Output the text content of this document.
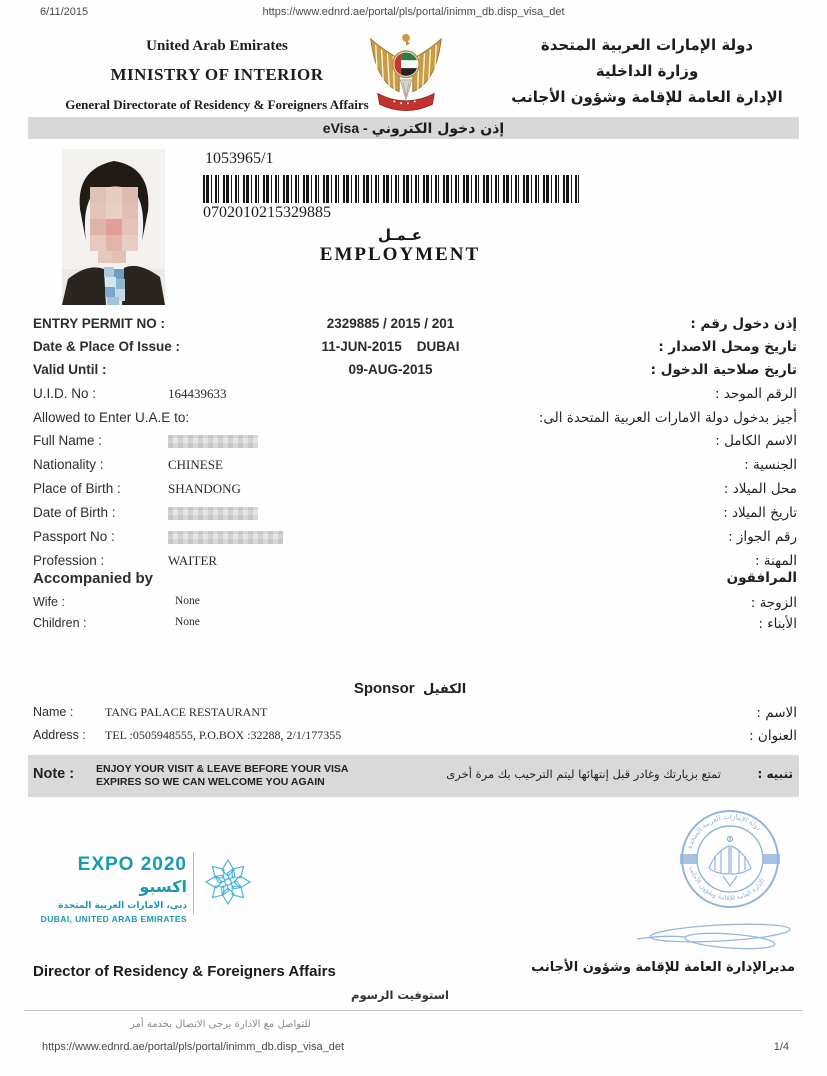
6/11/2015	https://www.ednrd.ae/portal/pls/portal/inimm_db.disp_visa_det
United Arab Emirates
MINISTRY OF INTERIOR
General Directorate of Residency & Foreigners Affairs
دولة الإمارات العربية المتحدة
وزارة الداخلية
الإدارة العامة للإقامة وشؤون الأجانب
eVisa - إذن دخول الكتروني
1053965/1
0702010215329885
عـمـل
EMPLOYMENT
ENTRY PERMIT NO :	2329885 / 2015 / 201	إذن دخول رقم :
Date & Place Of Issue :	11-JUN-2015    DUBAI	تاريخ ومحل الاصدار :
Valid Until :	09-AUG-2015	تاريخ صلاحية الدخول :
U.I.D. No :	164439633	الرقم الموحد :
Allowed to Enter U.A.E to:	أجيز بدخول دولة الامارات العربية المتحدة الى:
Full Name :	الاسم الكامل :
Nationality :	CHINESE	الجنسية :
Place of Birth :	SHANDONG	محل الميلاد :
Date of Birth :	تاريخ الميلاد :
Passport No :	رقم الجواز :
Profession :	WAITER	المهنة :
Accompanied by	المرافقون
Wife :	None	الزوجة :
Children :	None	الأبناء :
Sponsor الكفيل
Name :	TANG PALACE RESTAURANT	الاسم :
Address : TEL :0505948555, P.O.BOX :32288, 2/1/177355	العنوان :
Note : ENJOY YOUR VISIT & LEAVE BEFORE YOUR VISA
EXPIRES SO WE CAN WELCOME YOU AGAIN
تمتع بزيارتك وغادر قبل إنتهائها ليتم الترحيب بك مرة أخرى	تنبيه :
EXPO 2020 اكسبو
دبي، الامارات العربية المتحدة
DUBAI, UNITED ARAB EMIRATES
دولة الإمارات العربية المتحدة
الإدارة العامة للإقامة وشؤون الأجانب
Director of Residency & Foreigners Affairs	مديرالإدارة العامة للإقامة وشؤون الأجانب
استوفيت الرسوم
للتواصل مع الادارة يرجى الاتصال بخدمة أمر
https://www.ednrd.ae/portal/pls/portal/inimm_db.disp_visa_det	1/4
